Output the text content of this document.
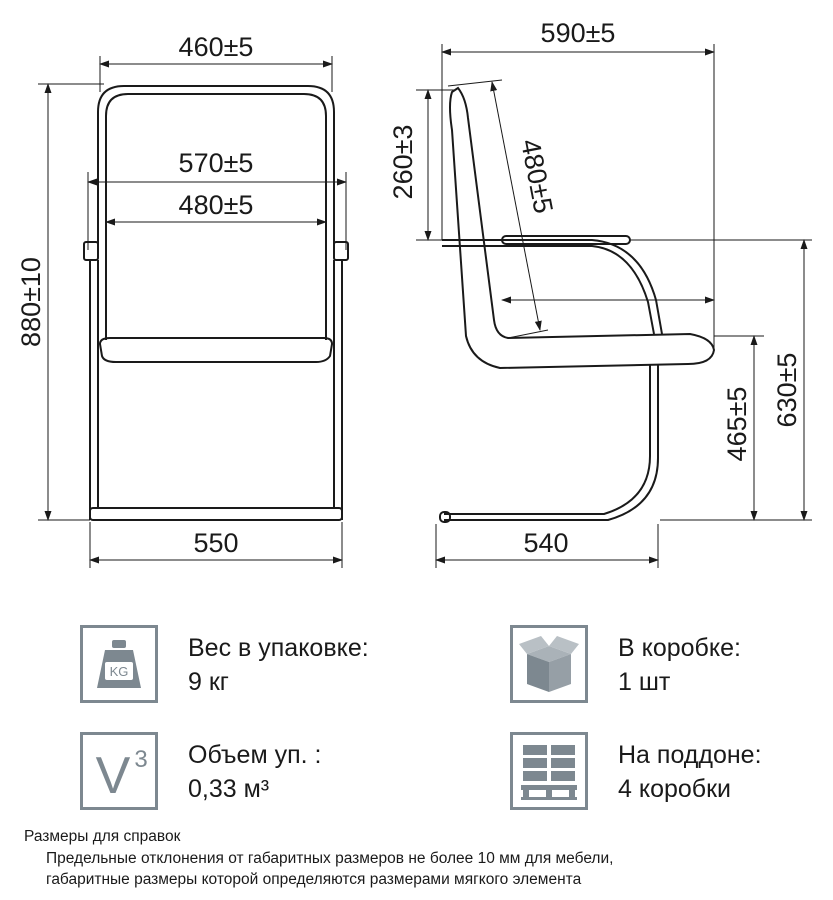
460±5
570±5
480±5
880±10
550
590±5
260±3	480±5
630±5
465±5
540
KG
Вес в упаковке:
9 кг
В коробке:
1 шт
V 3 Объем уп. :
0,33 м³
На поддоне:
4 коробки
Размеры для справок
Предельные отклонения от габаритных размеров не более 10 мм для мебели,
габаритные размеры которой определяются размерами мягкого элемента
